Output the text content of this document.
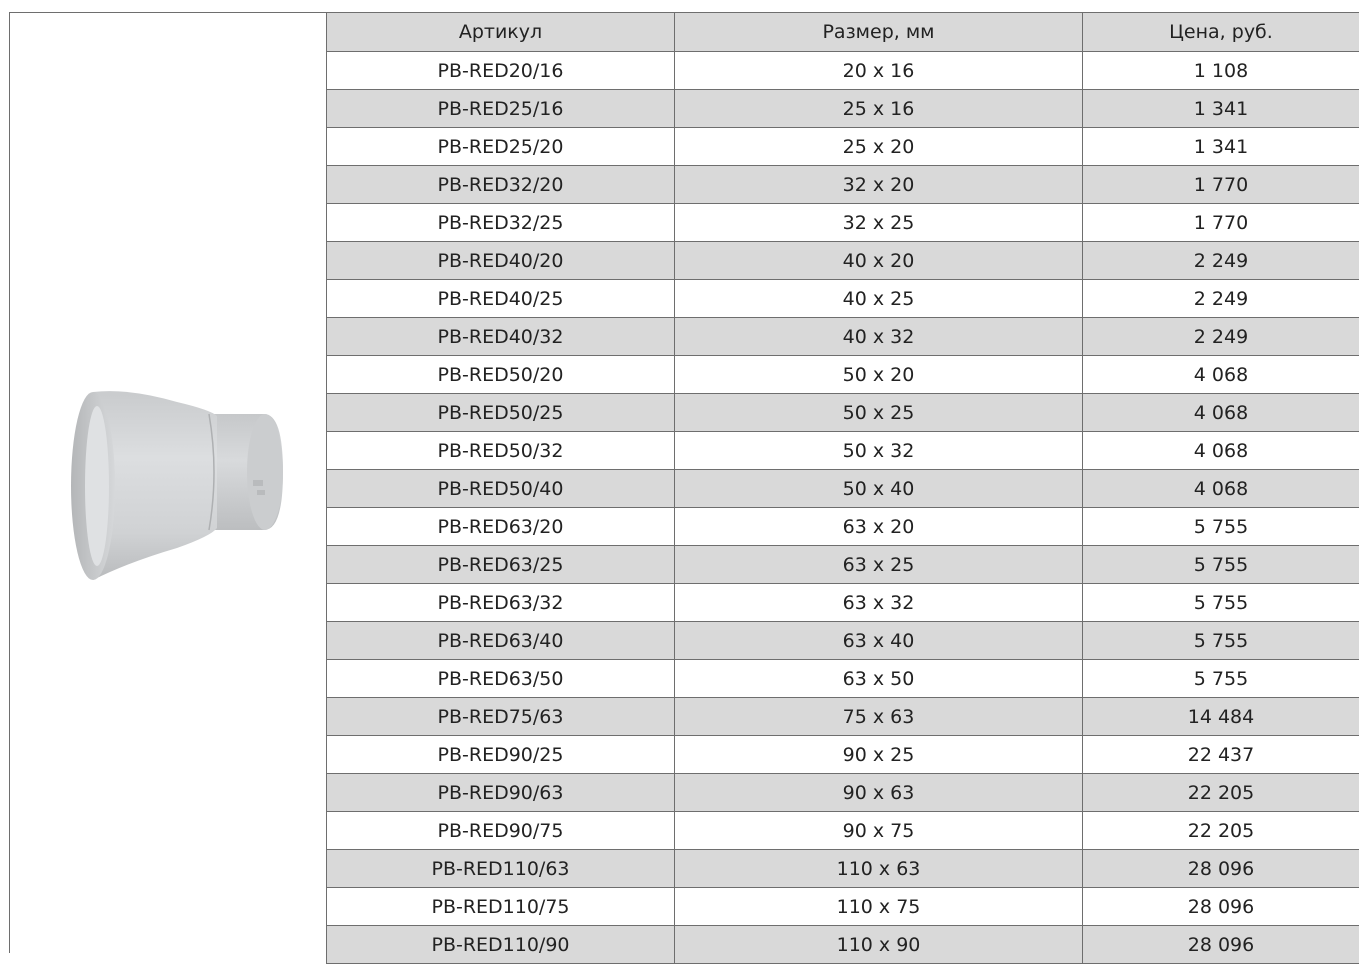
Артикул	Размер, мм	Цена, руб.
PB-RED20/16	20 x 16	1 108
PB-RED25/16	25 x 16	1 341
PB-RED25/20	25 x 20	1 341
PB-RED32/20	32 x 20	1 770
PB-RED32/25	32 x 25	1 770
PB-RED40/20	40 x 20	2 249
PB-RED40/25	40 x 25	2 249
PB-RED40/32	40 x 32	2 249
PB-RED50/20	50 x 20	4 068
PB-RED50/25	50 x 25	4 068
PB-RED50/32	50 x 32	4 068
PB-RED50/40	50 x 40	4 068
PB-RED63/20	63 x 20	5 755
PB-RED63/25	63 x 25	5 755
PB-RED63/32	63 x 32	5 755
PB-RED63/40	63 x 40	5 755
PB-RED63/50	63 x 50	5 755
PB-RED75/63	75 x 63	14 484
PB-RED90/25	90 x 25	22 437
PB-RED90/63	90 x 63	22 205
PB-RED90/75	90 x 75	22 205
PB-RED110/63	110 x 63	28 096
PB-RED110/75	110 x 75	28 096
PB-RED110/90	110 x 90	28 096
